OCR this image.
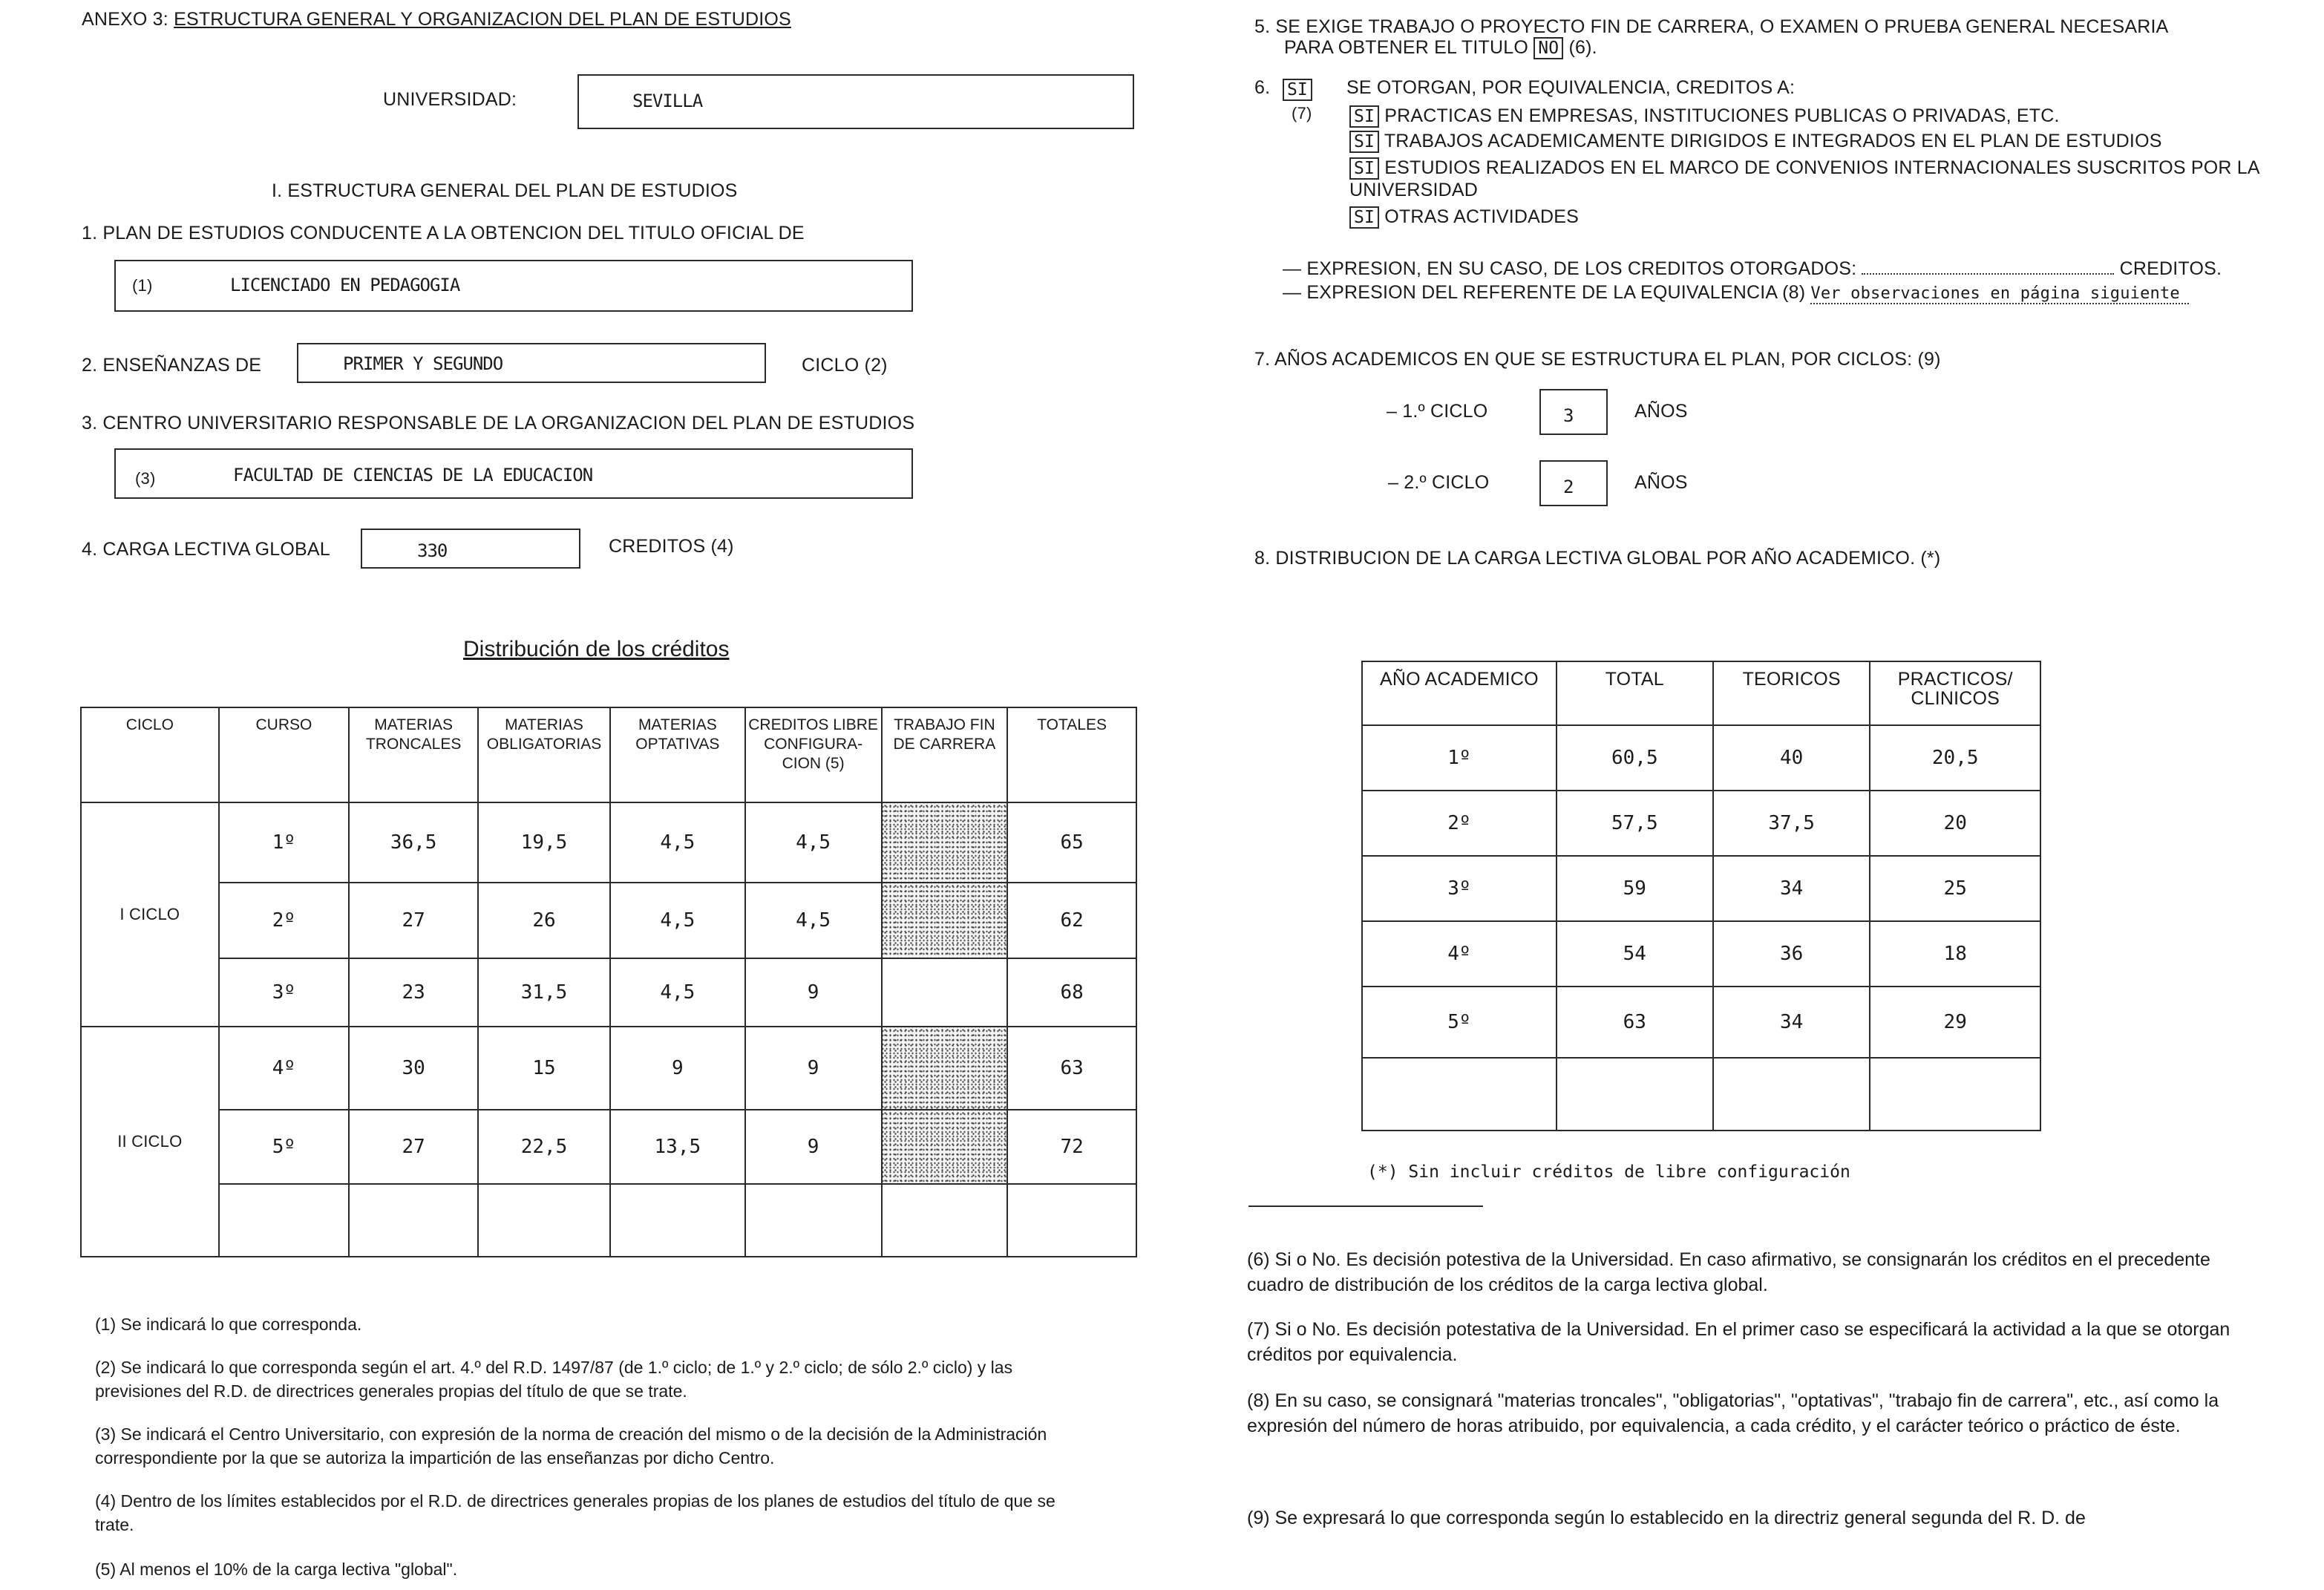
ANEXO 3: ESTRUCTURA GENERAL Y ORGANIZACION DEL PLAN DE ESTUDIOS
UNIVERSIDAD:	SEVILLA
I. ESTRUCTURA GENERAL DEL PLAN DE ESTUDIOS
1. PLAN DE ESTUDIOS CONDUCENTE A LA OBTENCION DEL TITULO OFICIAL DE
(1)	LICENCIADO EN PEDAGOGIA
2. ENSEÑANZAS DE	PRIMER Y SEGUNDO	CICLO (2)
3. CENTRO UNIVERSITARIO RESPONSABLE DE LA ORGANIZACION DEL PLAN DE ESTUDIOS
(3)	FACULTAD DE CIENCIAS DE LA EDUCACION
4. CARGA LECTIVA GLOBAL	330	CREDITOS (4)
Distribución de los créditos
CICLO	CURSO	MATERIAS TRONCALES	MATERIAS OBLIGATORIAS	MATERIAS OPTATIVAS	CREDITOS LIBRE CONFIGURA-CION (5)	TRABAJO FIN DE CARRERA	TOTALES
I CICLO	1º	36,5	19,5	4,5	4,5		65
	2º	27	26	4,5	4,5		62
	3º	23	31,5	4,5	9		68
II CICLO	4º	30	15	9	9		63
	5º	27	22,5	13,5	9		72

(1) Se indicará lo que corresponda.
(2) Se indicará lo que corresponda según el art. 4.º del R.D. 1497/87 (de 1.º ciclo; de 1.º y 2.º ciclo; de sólo 2.º ciclo) y las previsiones del R.D. de directrices generales propias del título de que se trate.
(3) Se indicará el Centro Universitario, con expresión de la norma de creación del mismo o de la decisión de la Administración correspondiente por la que se autoriza la impartición de las enseñanzas por dicho Centro.
(4) Dentro de los límites establecidos por el R.D. de directrices generales propias de los planes de estudios del título de que se trate.
(5) Al menos el 10% de la carga lectiva "global".
5. SE EXIGE TRABAJO O PROYECTO FIN DE CARRERA, O EXAMEN O PRUEBA GENERAL NECESARIA
PARA OBTENER EL TITULO NO (6).
6. SI
(7)
SE OTORGAN, POR EQUIVALENCIA, CREDITOS A:
SI PRACTICAS EN EMPRESAS, INSTITUCIONES PUBLICAS O PRIVADAS, ETC.
SI TRABAJOS ACADEMICAMENTE DIRIGIDOS E INTEGRADOS EN EL PLAN DE ESTUDIOS
SI ESTUDIOS REALIZADOS EN EL MARCO DE CONVENIOS INTERNACIONALES SUSCRITOS POR LA UNIVERSIDAD
SI OTRAS ACTIVIDADES
— EXPRESION, EN SU CASO, DE LOS CREDITOS OTORGADOS:	CREDITOS.
— EXPRESION DEL REFERENTE DE LA EQUIVALENCIA (8) Ver observaciones en página siguiente
7. AÑOS ACADEMICOS EN QUE SE ESTRUCTURA EL PLAN, POR CICLOS: (9)
– 1.º CICLO	3	AÑOS
– 2.º CICLO	2	AÑOS
8. DISTRIBUCION DE LA CARGA LECTIVA GLOBAL POR AÑO ACADEMICO. (*)
AÑO ACADEMICO	TOTAL	TEORICOS	PRACTICOS/ CLINICOS
1º	60,5	40	20,5
2º	57,5	37,5	20
3º	59	34	25
4º	54	36	18
5º	63	34	29

(*) Sin incluir créditos de libre configuración
(6) Si o No. Es decisión potestiva de la Universidad. En caso afirmativo, se consignarán los créditos en el precedente cuadro de distribución de los créditos de la carga lectiva global.
(7) Si o No. Es decisión potestativa de la Universidad. En el primer caso se especificará la actividad a la que se otorgan créditos por equivalencia.
(8) En su caso, se consignará "materias troncales", "obligatorias", "optativas", "trabajo fin de carrera", etc., así como la expresión del número de horas atribuido, por equivalencia, a cada crédito, y el carácter teórico o práctico de éste.
(9) Se expresará lo que corresponda según lo establecido en la directriz general segunda del R. D. de
